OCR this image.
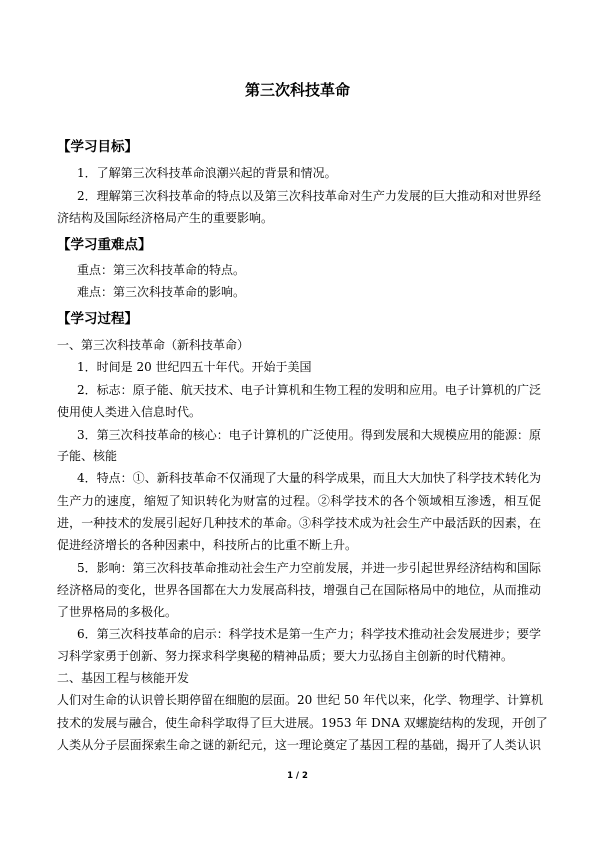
第三次科技革命
【学习目标】
1．了解第三次科技革命浪潮兴起的背景和情况。
2．理解第三次科技革命的特点以及第三次科技革命对生产力发展的巨大推动和对世界经
济结构及国际经济格局产生的重要影响。
【学习重难点】
重点：第三次科技革命的特点。
难点：第三次科技革命的影响。
【学习过程】
一、第三次科技革命（新科技革命）
1．时间是 20 世纪四五十年代。开始于美国
2．标志：原子能、航天技术、电子计算机和生物工程的发明和应用。电子计算机的广泛
使用使人类进入信息时代。
3．第三次科技革命的核心：电子计算机的广泛使用。得到发展和大规模应用的能源：原
子能、核能
4．特点：①、新科技革命不仅涌现了大量的科学成果，而且大大加快了科学技术转化为
生产力的速度，缩短了知识转化为财富的过程。②科学技术的各个领域相互渗透，相互促
进，一种技术的发展引起好几种技术的革命。③科学技术成为社会生产中最活跃的因素，在
促进经济增长的各种因素中，科技所占的比重不断上升。
5．影响：第三次科技革命推动社会生产力空前发展，并进一步引起世界经济结构和国际
经济格局的变化，世界各国都在大力发展高科技，增强自己在国际格局中的地位，从而推动
了世界格局的多极化。
6．第三次科技革命的启示：科学技术是第一生产力；科学技术推动社会发展进步；要学
习科学家勇于创新、努力探求科学奥秘的精神品质；要大力弘扬自主创新的时代精神。
二、基因工程与核能开发
人们对生命的认识曾长期停留在细胞的层面。20 世纪 50 年代以来，化学、物理学、计算机
技术的发展与融合，使生命科学取得了巨大进展。1953 年 DNA 双螺旋结构的发现，开创了
人类从分子层面探索生命之谜的新纪元，这一理论奠定了基因工程的基础，揭开了人类认识
1 / 2
